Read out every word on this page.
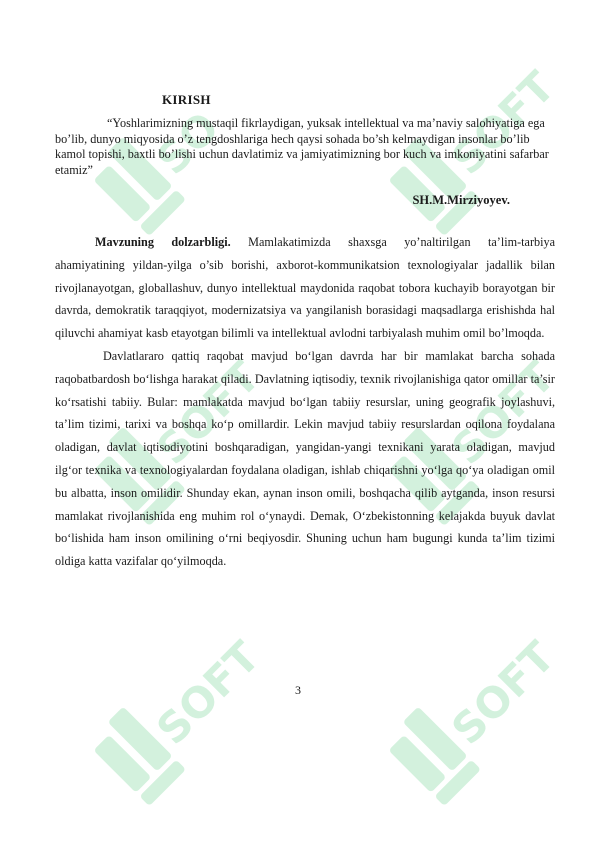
SO	SOFT
SOFT	SOFT
SOFT	SOFT
KIRISH
“Yoshlarimizning mustaqil fikrlaydigan, yuksak intellektual va ma’naviy salohiyatiga ega bo’lib, dunyo miqyosida o’z tengdoshlariga hech qaysi sohada bo’sh kelmaydigan insonlar bo’lib kamol topishi, baxtli bo’lishi uchun davlatimiz va jamiyatimizning bor kuch va imkoniyatini safarbar etamiz”
SH.M.Mirziyoyev.

Mavzuning dolzarbligi. Mamlakatimizda shaxsga yo’naltirilgan ta’lim-tarbiya ahamiyatining yildan-yilga o’sib borishi, axborot-kommunikatsion texnologiyalar jadallik bilan rivojlanayotgan, globallashuv, dunyo intellektual maydonida raqobat tobora kuchayib borayotgan bir davrda, demokratik taraqqiyot, modernizatsiya va yangilanish borasidagi maqsadlarga erishishda hal qiluvchi ahamiyat kasb etayotgan bilimli va intellektual avlodni tarbiyalash muhim omil bo’lmoqda.

Davlatlararo qattiq raqobat mavjud bo‘lgan davrda har bir mamlakat barcha sohada raqobatbardosh bo‘lishga harakat qiladi. Davlatning iqtisodiy, texnik rivojlanishiga qator omillar ta’sir ko‘rsatishi tabiiy. Bular: mamlakatda mavjud bo‘lgan tabiiy resurslar, uning geografik joylashuvi, ta’lim tizimi, tarixi va boshqa ko‘p omillardir. Lekin mavjud tabiiy resurslardan oqilona foydalana oladigan, davlat iqtisodiyotini boshqaradigan, yangidan-yangi texnikani yarata oladigan, mavjud ilg‘or texnika va texnologiyalardan foydalana oladigan, ishlab chiqarishni yo‘lga qo‘ya oladigan omil bu albatta, inson omilidir. Shunday ekan, aynan inson omili, boshqacha qilib aytganda, inson resursi mamlakat rivojlanishida eng muhim rol o‘ynaydi. Demak, O‘zbekistonning kelajakda buyuk davlat bo‘lishida ham inson omilining o‘rni beqiyosdir. Shuning uchun ham bugungi kunda ta’lim tizimi oldiga katta vazifalar qo‘yilmoqda.

3
